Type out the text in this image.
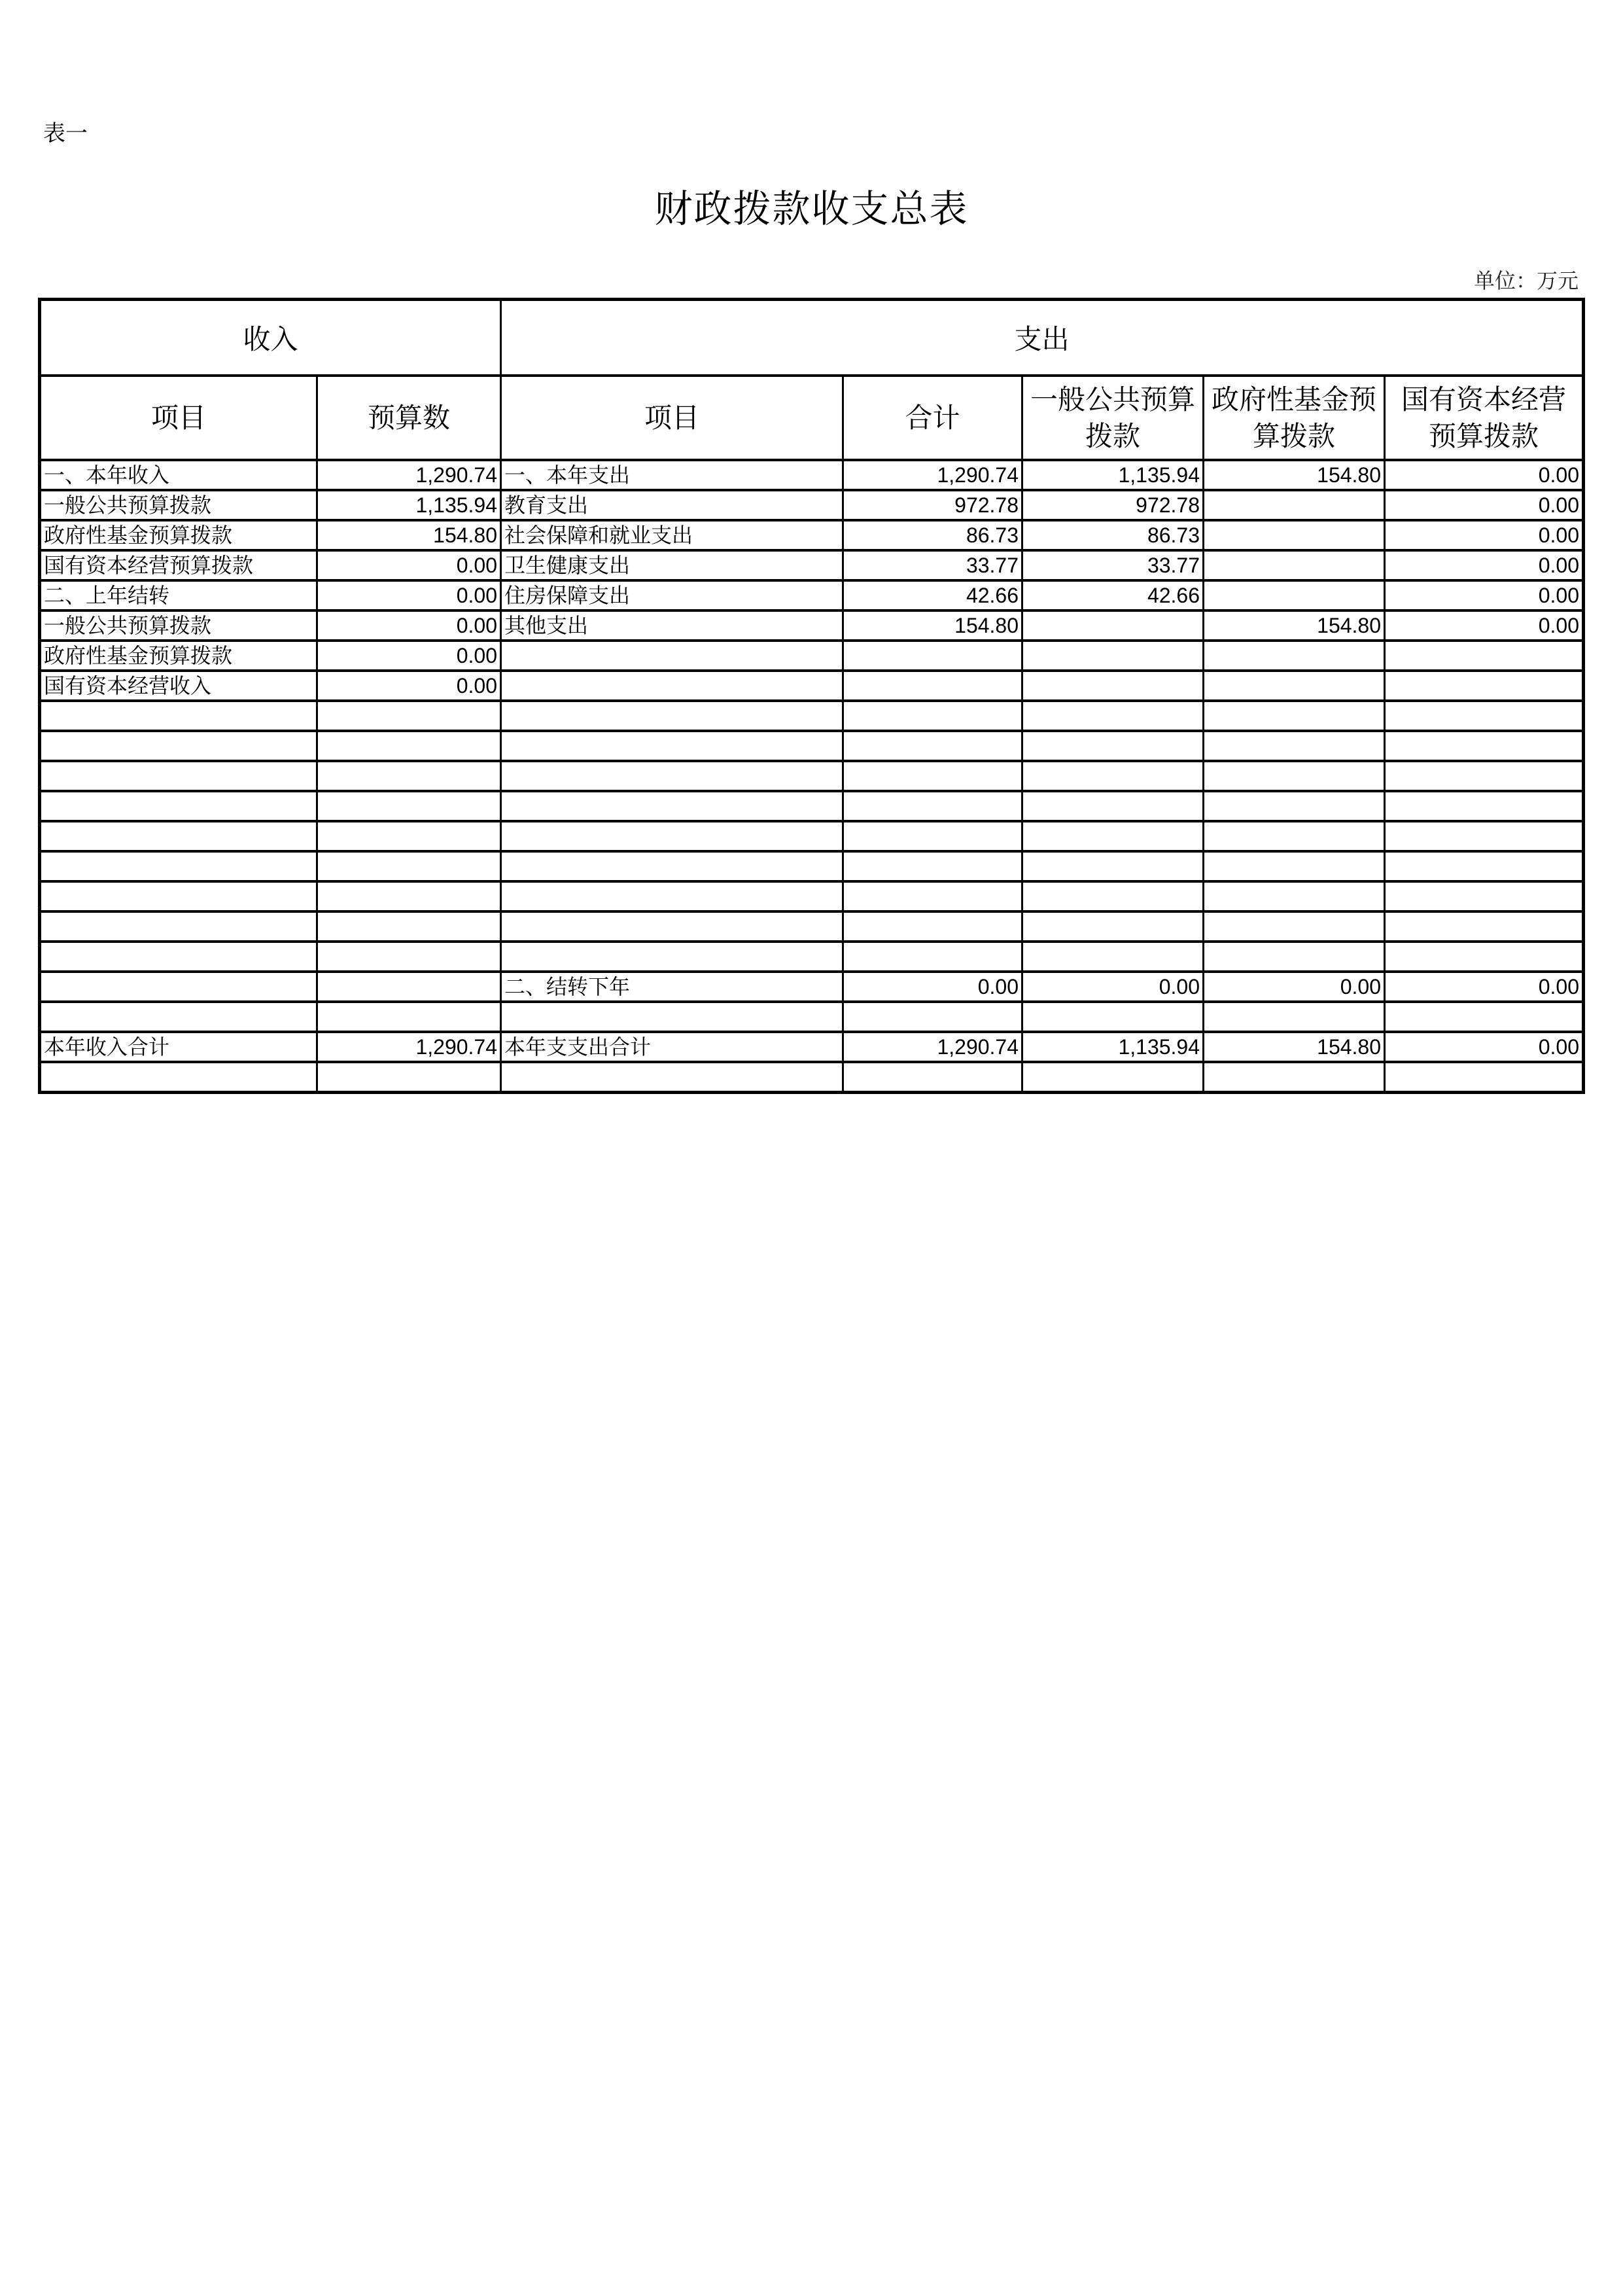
表一
财政拨款收支总表
单位：万元
收入		支出				
项目	预算数	项目	合计	一般公共预算拨款	政府性基金预算拨款	国有资本经营预算拨款
一、本年收入	1,290.74	一、本年支出	1,290.74	1,135.94	154.80	0.00
一般公共预算拨款	1,135.94	教育支出	972.78	972.78		0.00
政府性基金预算拨款	154.80	社会保障和就业支出	86.73	86.73		0.00
国有资本经营预算拨款	0.00	卫生健康支出	33.77	33.77		0.00
二、上年结转	0.00	住房保障支出	42.66	42.66		0.00
一般公共预算拨款	0.00	其他支出	154.80		154.80	0.00
政府性基金预算拨款	0.00					
国有资本经营收入	0.00					

		二、结转下年	0.00	0.00	0.00	0.00

本年收入合计	1,290.74	本年支支出合计	1,290.74	1,135.94	154.80	0.00
